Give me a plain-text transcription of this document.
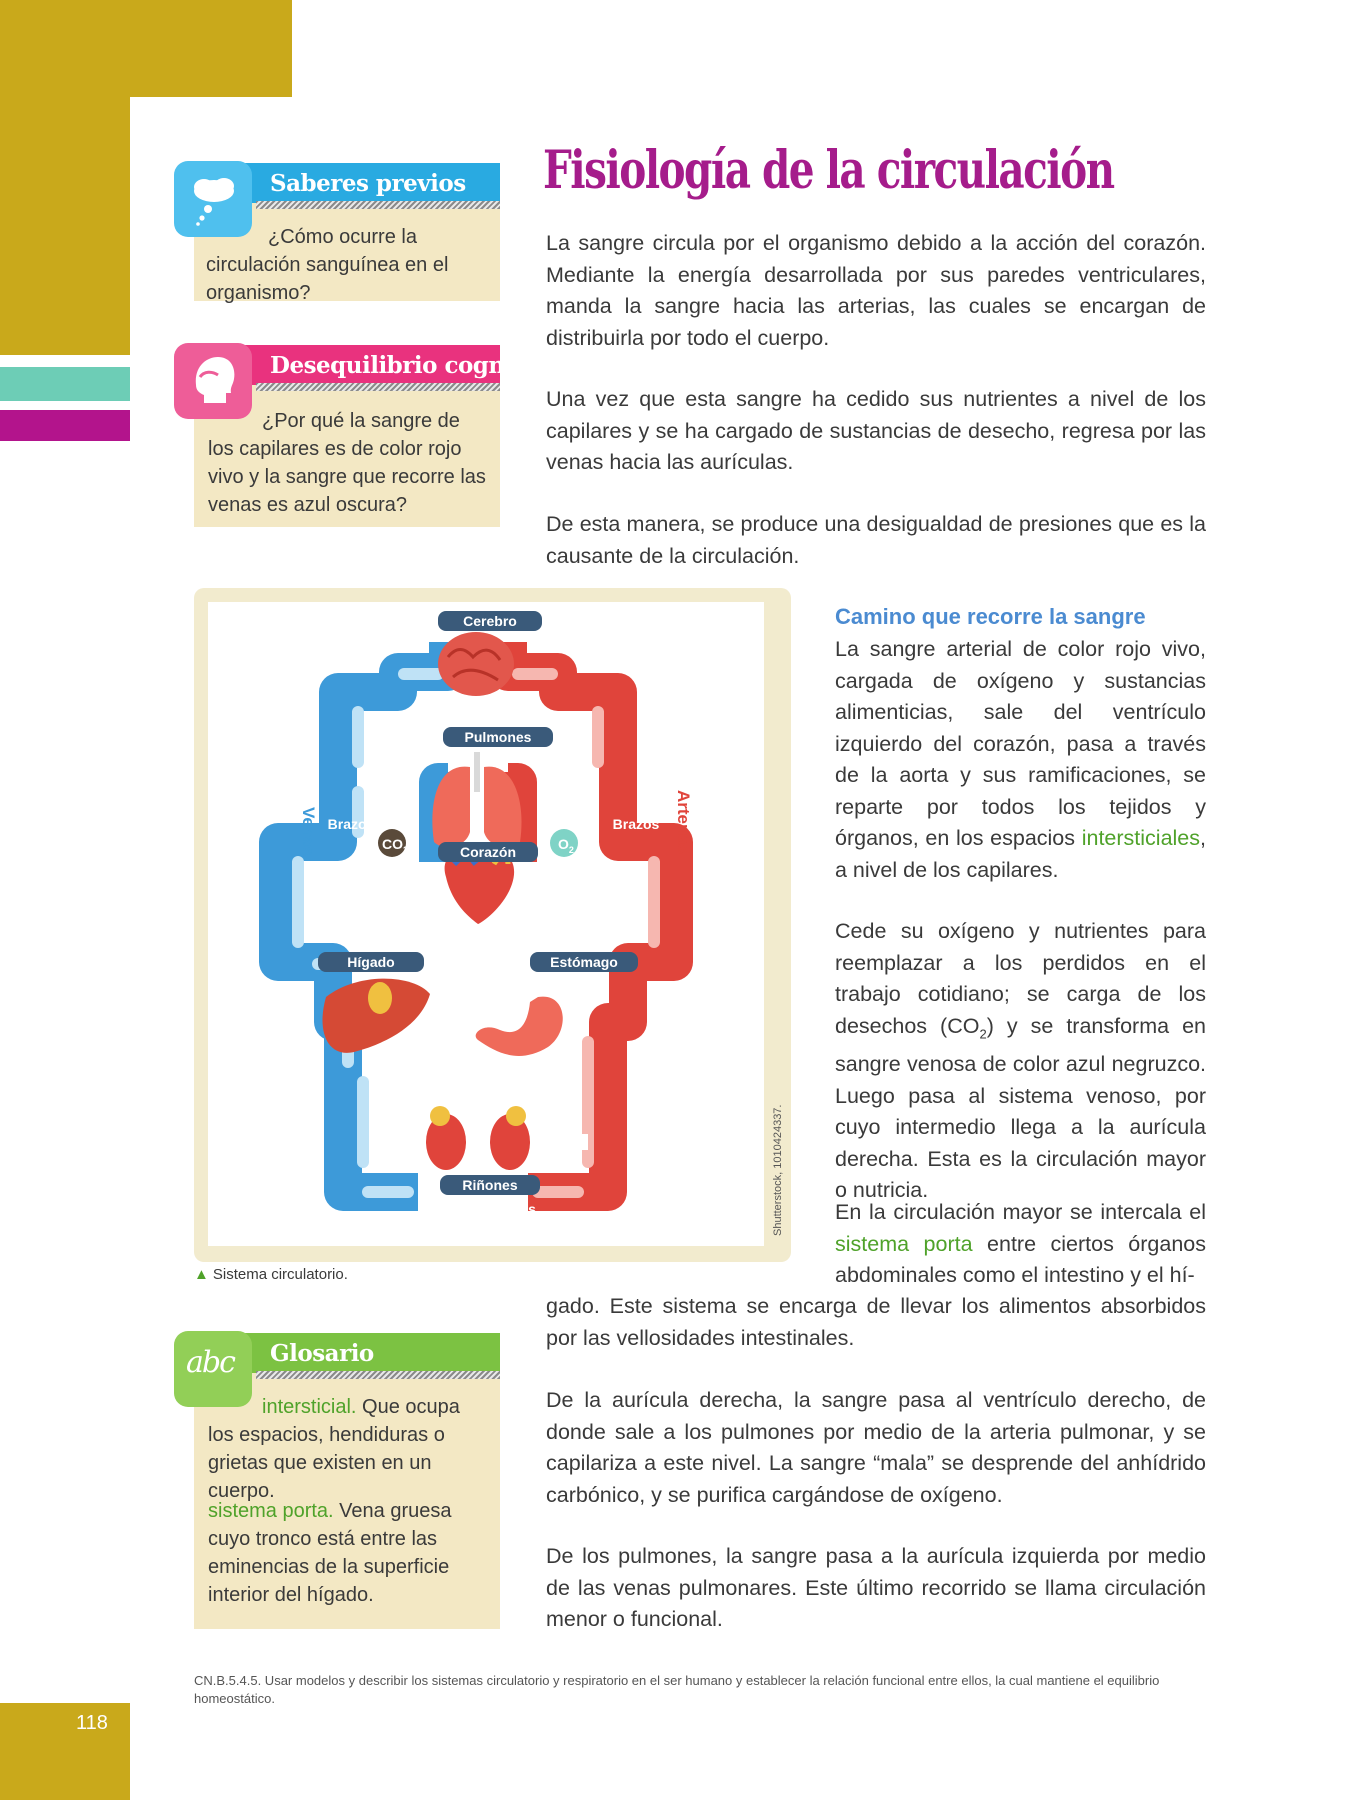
118
Saberes previos
¿Cómo ocurre la circulación sanguínea en el organismo?
Desequilibrio cognitivo
¿Por qué la sangre de los capilares es de color rojo vivo y la sangre que recorre las venas es azul oscura?
Glosario
abc
intersticial. Que ocupa los espacios, hendiduras o grietas que existen en un cuerpo.
sistema porta. Vena gruesa cuyo tronco está entre las eminencias de la superficie interior del hígado.
Fisiología de la circulación

La sangre circula por el organismo debido a la acción del corazón. Mediante la energía desarrollada por sus paredes ventriculares, manda la sangre hacia las arterias, las cuales se encargan de distribuirla por todo el cuerpo.

Una vez que esta sangre ha cedido sus nutrientes a nivel de los capilares y se ha cargado de sustancias de desecho, regresa por las venas hacia las aurículas.

De esta manera, se produce una desigualdad de presiones que es la causante de la circulación.

Camino que recorre la sangre

La sangre arterial de color rojo vivo, cargada de oxígeno y sustancias alimenticias, sale del ventrículo izquierdo del corazón, pasa a través de la aorta y sus ramificaciones, se reparte por todos los tejidos y órganos, en los espacios intersticiales, a nivel de los capilares.

Cede su oxígeno y nutrientes para reemplazar a los perdidos en el trabajo cotidiano; se carga de los desechos $(CO_2)$ y se transforma en sangre venosa de color azul negruzco. Luego pasa al sistema venoso, por cuyo intermedio llega a la aurícula derecha. Esta es la circulación mayor o nutricia.

En la circulación mayor se intercala el sistema porta entre ciertos órganos abdominales como el intestino y el hí-

gado. Este sistema se encarga de llevar los alimentos absorbidos por las vellosidades intestinales.

De la aurícula derecha, la sangre pasa al ventrículo derecho, de donde sale a los pulmones por medio de la arteria pulmonar, y se capilariza a este nivel. La sangre “mala” se desprende del anhídrido carbónico, y se purifica cargándose de oxígeno.

De los pulmones, la sangre pasa a la aurícula izquierda por medio de las venas pulmonares. Este último recorrido se llama circulación menor o funcional.

$CO_2$	$O_2$
Cerebro
Pulmones
Corazón
Hígado	Estómago
Riñones
Extremidades
inferiores
Brazos	Brazos
Venas	Arterias
Shutterstock, 1010424337.
▲ Sistema circulatorio.
CN.B.5.4.5. Usar modelos y describir los sistemas circulatorio y respiratorio en el ser humano y establecer la relación funcional entre ellos, la cual mantiene el equilibrio homeostático.
